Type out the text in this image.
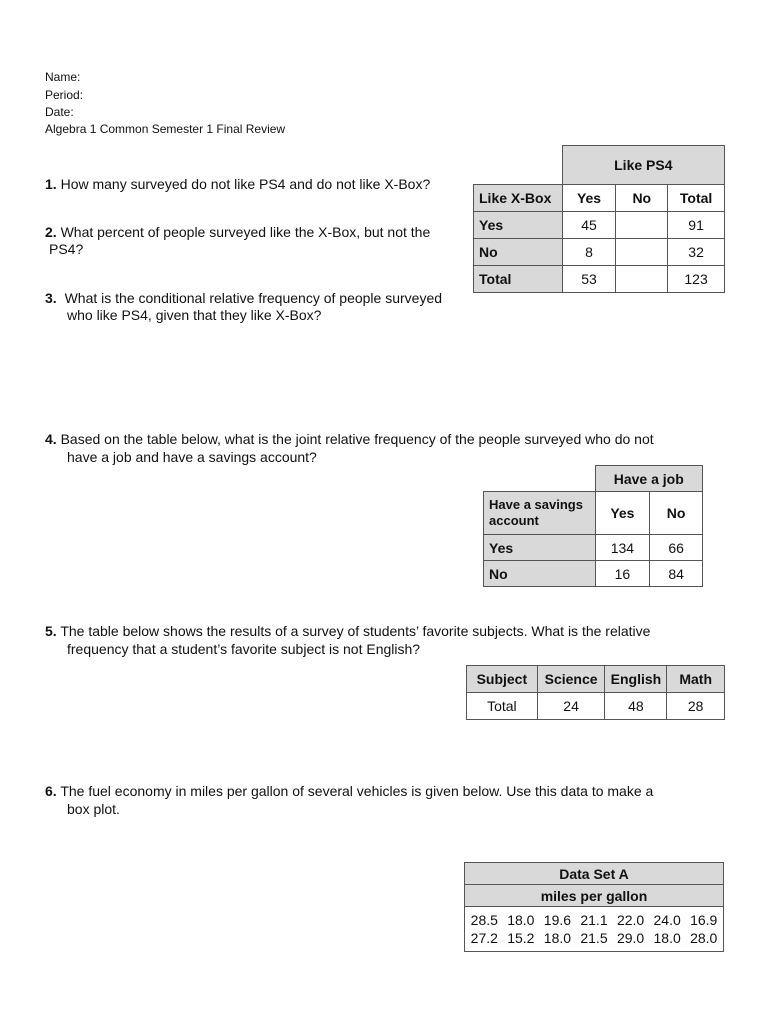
Name:
Period:
Date:
Algebra 1 Common Semester 1 Final Review
1. How many surveyed do not like PS4 and do not like X-Box?
2. What percent of people surveyed like the X-Box, but not the
PS4?
3. What is the conditional relative frequency of people surveyed
who like PS4, given that they like X-Box?
4. Based on the table below, what is the joint relative frequency of the people surveyed who do not
have a job and have a savings account?
5. The table below shows the results of a survey of students’ favorite subjects. What is the relative
frequency that a student’s favorite subject is not English?
6. The fuel economy in miles per gallon of several vehicles is given below. Use this data to make a
box plot.
	Like PS4		
Like X-Box	Yes	No	Total
Yes	45		91
No	8		32
Total	53		123
	Have a job	
Have a savings account	Yes	No
Yes	134	66
No	16	84
Subject	Science	English	Math
Total	24	48	28
Data Set A
miles per gallon

28.5 18.0 19.6 21.1 22.0 24.0 16.9
27.2 15.2 18.0 21.5 29.0 18.0 28.0
